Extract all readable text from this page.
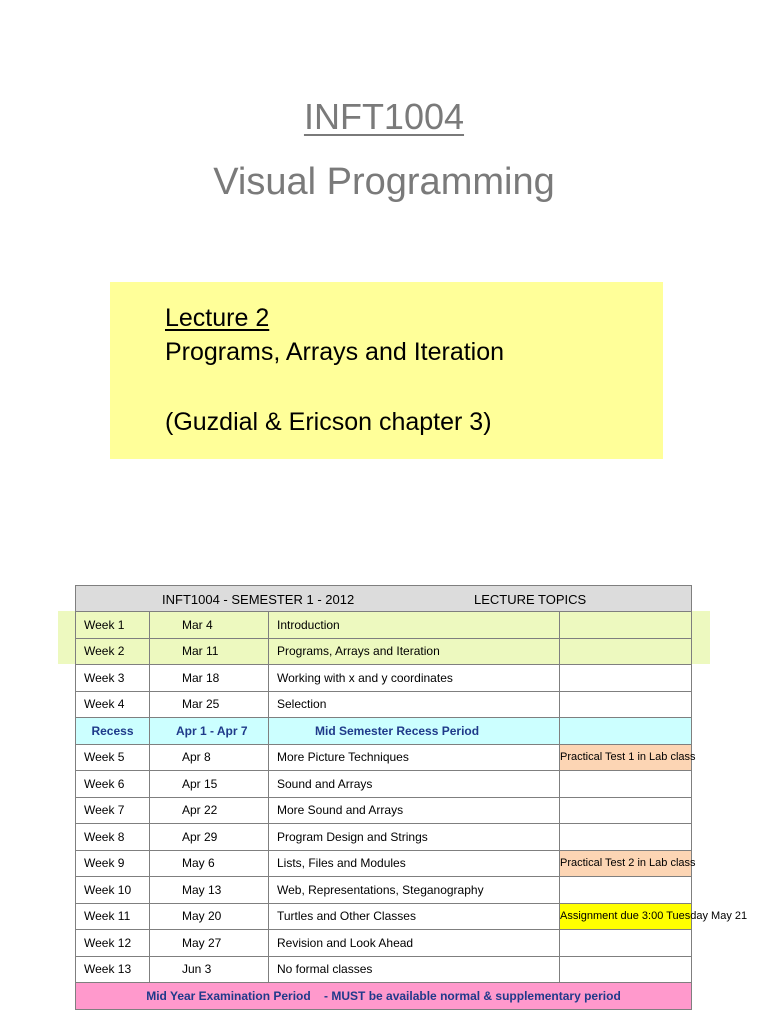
INFT1004
Visual Programming
Lecture 2
Programs, Arrays and Iteration
(Guzdial & Ericson chapter 3)
INFT1004 - SEMESTER 1 - 2012 LECTURE TOPICS			

Week 1	Mar 4	Introduction	
Week 2	Mar 11	Programs, Arrays and Iteration	
Week 3	Mar 18	Working with x and y coordinates	
Week 4	Mar 25	Selection	
Recess	Apr 1 - Apr 7	Mid Semester Recess Period	
Week 5	Apr 8	More Picture Techniques	Practical Test 1 in Lab class
Week 6	Apr 15	Sound and Arrays	
Week 7	Apr 22	More Sound and Arrays	
Week 8	Apr 29	Program Design and Strings	
Week 9	May 6	Lists, Files and Modules	Practical Test 2 in Lab class
Week 10	May 13	Web, Representations, Steganography	
Week 11	May 20	Turtles and Other Classes	Assignment due 3:00 Tuesday May 21
Week 12	May 27	Revision and Look Ahead	
Week 13	Jun 3	No formal classes	
Mid Year Examination Period    - MUST be available normal & supplementary period			
